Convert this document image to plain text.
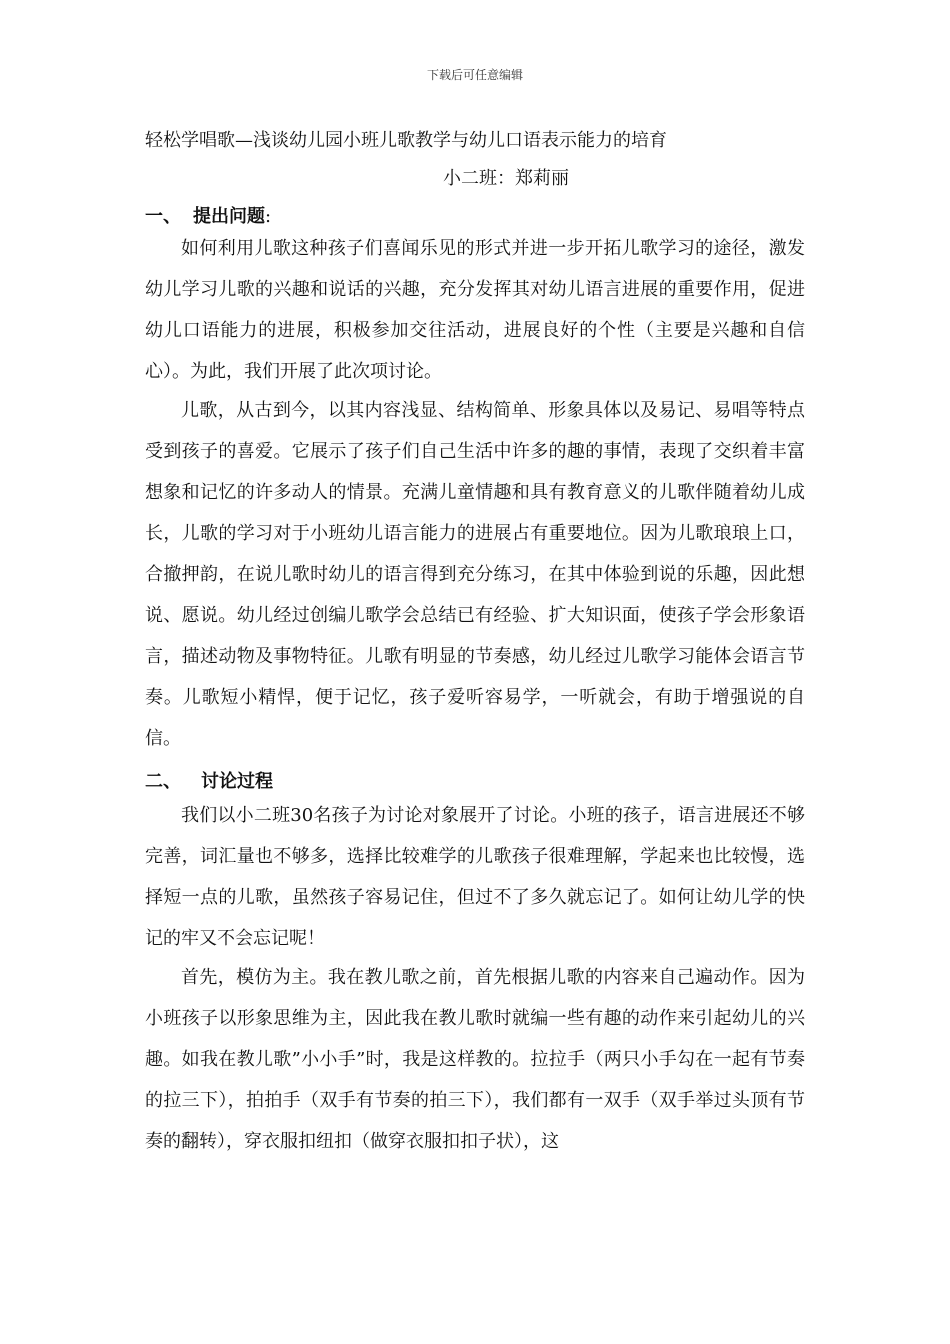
下载后可任意编辑
轻松学唱歌—浅谈幼儿园小班儿歌教学与幼儿口语表示能力的培育
小二班：郑莉丽
一、 提出问题:

如何利用儿歌这种孩子们喜闻乐见的形式并进一步开拓儿歌学习的途径，激发幼儿学习儿歌的兴趣和说话的兴趣，充分发挥其对幼儿语言进展的重要作用，促进幼儿口语能力的进展，积极参加交往活动，进展良好的个性（主要是兴趣和自信心）。为此，我们开展了此次项讨论。

儿歌，从古到今，以其内容浅显、结构简单、形象具体以及易记、易唱等特点受到孩子的喜爱。它展示了孩子们自己生活中许多的趣的事情，表现了交织着丰富想象和记忆的许多动人的情景。充满儿童情趣和具有教育意义的儿歌伴随着幼儿成长，儿歌的学习对于小班幼儿语言能力的进展占有重要地位。因为儿歌琅琅上口，合撤押韵，在说儿歌时幼儿的语言得到充分练习，在其中体验到说的乐趣，因此想说、愿说。幼儿经过创编儿歌学会总结已有经验、扩大知识面，使孩子学会形象语言，描述动物及事物特征。儿歌有明显的节奏感，幼儿经过儿歌学习能体会语言节奏。儿歌短小精悍，便于记忆，孩子爱听容易学，一听就会，有助于增强说的自信。

二、 讨论过程

我们以小二班30名孩子为讨论对象展开了讨论。小班的孩子，语言进展还不够完善，词汇量也不够多，选择比较难学的儿歌孩子很难理解，学起来也比较慢，选择短一点的儿歌，虽然孩子容易记住，但过不了多久就忘记了。如何让幼儿学的快记的牢又不会忘记呢！

首先，模仿为主。我在教儿歌之前，首先根据儿歌的内容来自己遍动作。因为小班孩子以形象思维为主，因此我在教儿歌时就编一些有趣的动作来引起幼儿的兴趣。如我在教儿歌”小小手”时，我是这样教的。拉拉手（两只小手勾在一起有节奏的拉三下），拍拍手（双手有节奏的拍三下），我们都有一双手（双手举过头顶有节奏的翻转），穿衣服扣纽扣（做穿衣服扣扣子状），这
